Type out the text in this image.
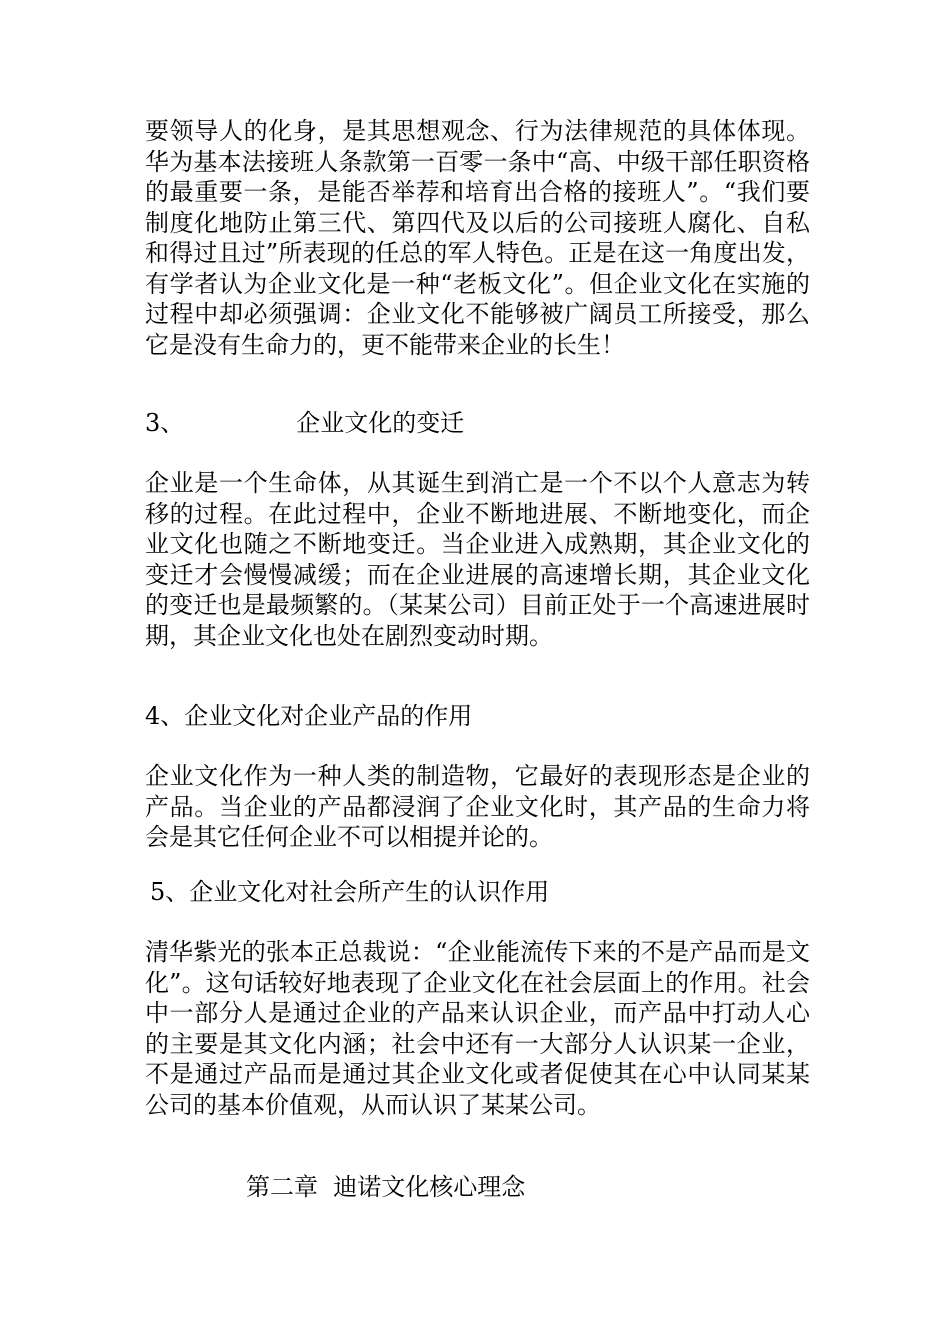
要领导人的化身，是其思想观念、行为法律规范的具体体现。华为基本法接班人条款第一百零一条中“高、中级干部任职资格的最重要一条，是能否举荐和培育出合格的接班人”。“我们要制度化地防止第三代、第四代及以后的公司接班人腐化、自私和得过且过”所表现的任总的军人特色。正是在这一角度出发，有学者认为企业文化是一种“老板文化”。但企业文化在实施的过程中却必须强调：企业文化不能够被广阔员工所接受，那么它是没有生命力的，更不能带来企业的长生！

3、	企业文化的变迁

企业是一个生命体，从其诞生到消亡是一个不以个人意志为转移的过程。在此过程中，企业不断地进展、不断地变化，而企业文化也随之不断地变迁。当企业进入成熟期，其企业文化的变迁才会慢慢减缓；而在企业进展的高速增长期，其企业文化的变迁也是最频繁的。（某某公司）目前正处于一个高速进展时期，其企业文化也处在剧烈变动时期。

4、企业文化对企业产品的作用

企业文化作为一种人类的制造物，它最好的表现形态是企业的产品。当企业的产品都浸润了企业文化时，其产品的生命力将会是其它任何企业不可以相提并论的。

5、企业文化对社会所产生的认识作用

清华紫光的张本正总裁说：“企业能流传下来的不是产品而是文化”。这句话较好地表现了企业文化在社会层面上的作用。社会中一部分人是通过企业的产品来认识企业，而产品中打动人心的主要是其文化内涵；社会中还有一大部分人认识某一企业，不是通过产品而是通过其企业文化或者促使其在心中认同某某公司的基本价值观，从而认识了某某公司。

第二章  迪诺文化核心理念
